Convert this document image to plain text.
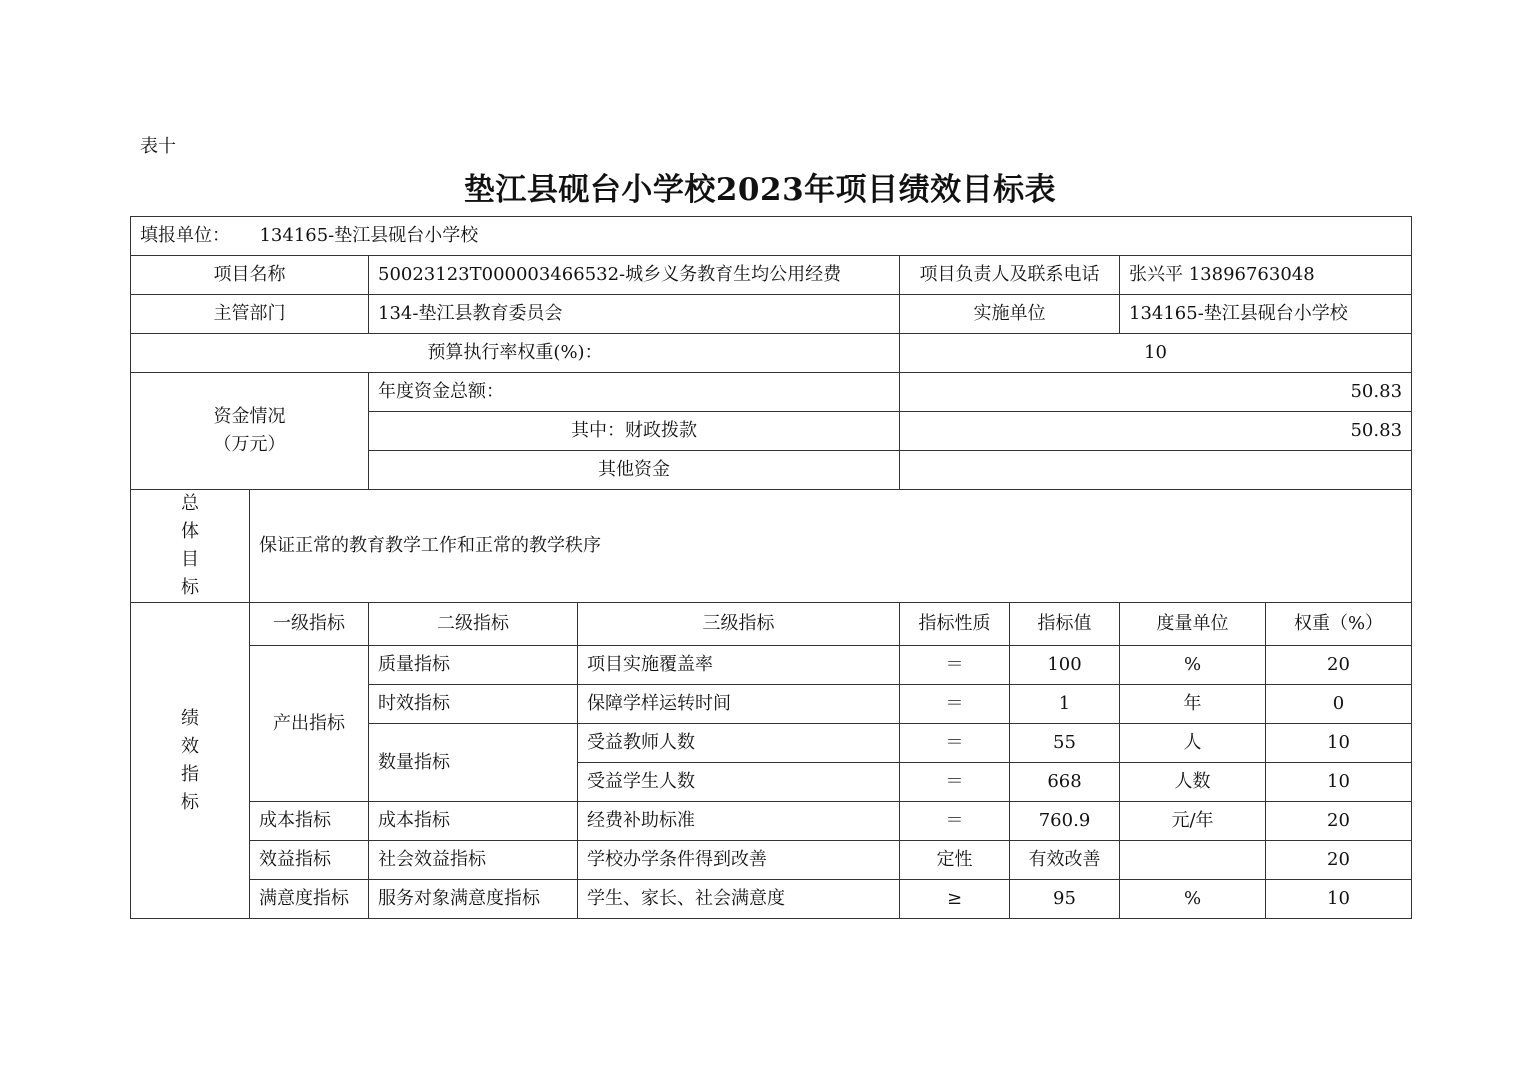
表十
垫江县砚台小学校2023年项目绩效目标表
填报单位： 134165-垫江县砚台小学校							
项目名称		50023123T000003466532-城乡义务教育生均公用经费		项目负责人及联系电话		张兴平 13896763048	
主管部门		134-垫江县教育委员会		实施单位		134165-垫江县砚台小学校	
预算执行率权重(%)：				10			

资金情况
（万元）		年度资金总额：		50.83			
		其中：财政拨款		50.83			
		其他资金					

总
体
目
标	保证正常的教育教学工作和正常的教学秩序						

绩
效
指
标	一级指标	二级指标	三级指标	指标性质	指标值	度量单位	权重（%）
	产出指标	质量指标	项目实施覆盖率	＝	100	%	20
		时效指标	保障学样运转时间	＝	1	年	0
		数量指标	受益教师人数	＝	55	人	10
			受益学生人数	＝	668	人数	10
	成本指标	成本指标	经费补助标准	＝	760.9	元/年	20
	效益指标	社会效益指标	学校办学条件得到改善	定性	有效改善		20
	满意度指标	服务对象满意度指标	学生、家长、社会满意度	≥	95	%	10
